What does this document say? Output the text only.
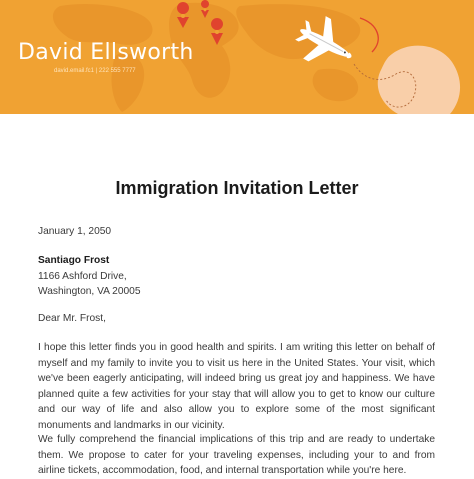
David Ellsworth
david.email.fc1 | 222 555 7777
Immigration Invitation Letter

January 1, 2050

Santiago Frost
1166 Ashford Drive,
Washington, VA 20005

Dear Mr. Frost,

I hope this letter finds you in good health and spirits. I am writing this letter on behalf of myself and my family to invite you to visit us here in the United States. Your visit, which we've been eagerly anticipating, will indeed bring us great joy and happiness. We have planned quite a few activities for your stay that will allow you to get to know our culture and our way of life and also allow you to explore some of the most significant monuments and landmarks in our vicinity.

We fully comprehend the financial implications of this trip and are ready to undertake them. We propose to cater for your traveling expenses, including your to and from airline tickets, accommodation, food, and internal transportation while you're here.
